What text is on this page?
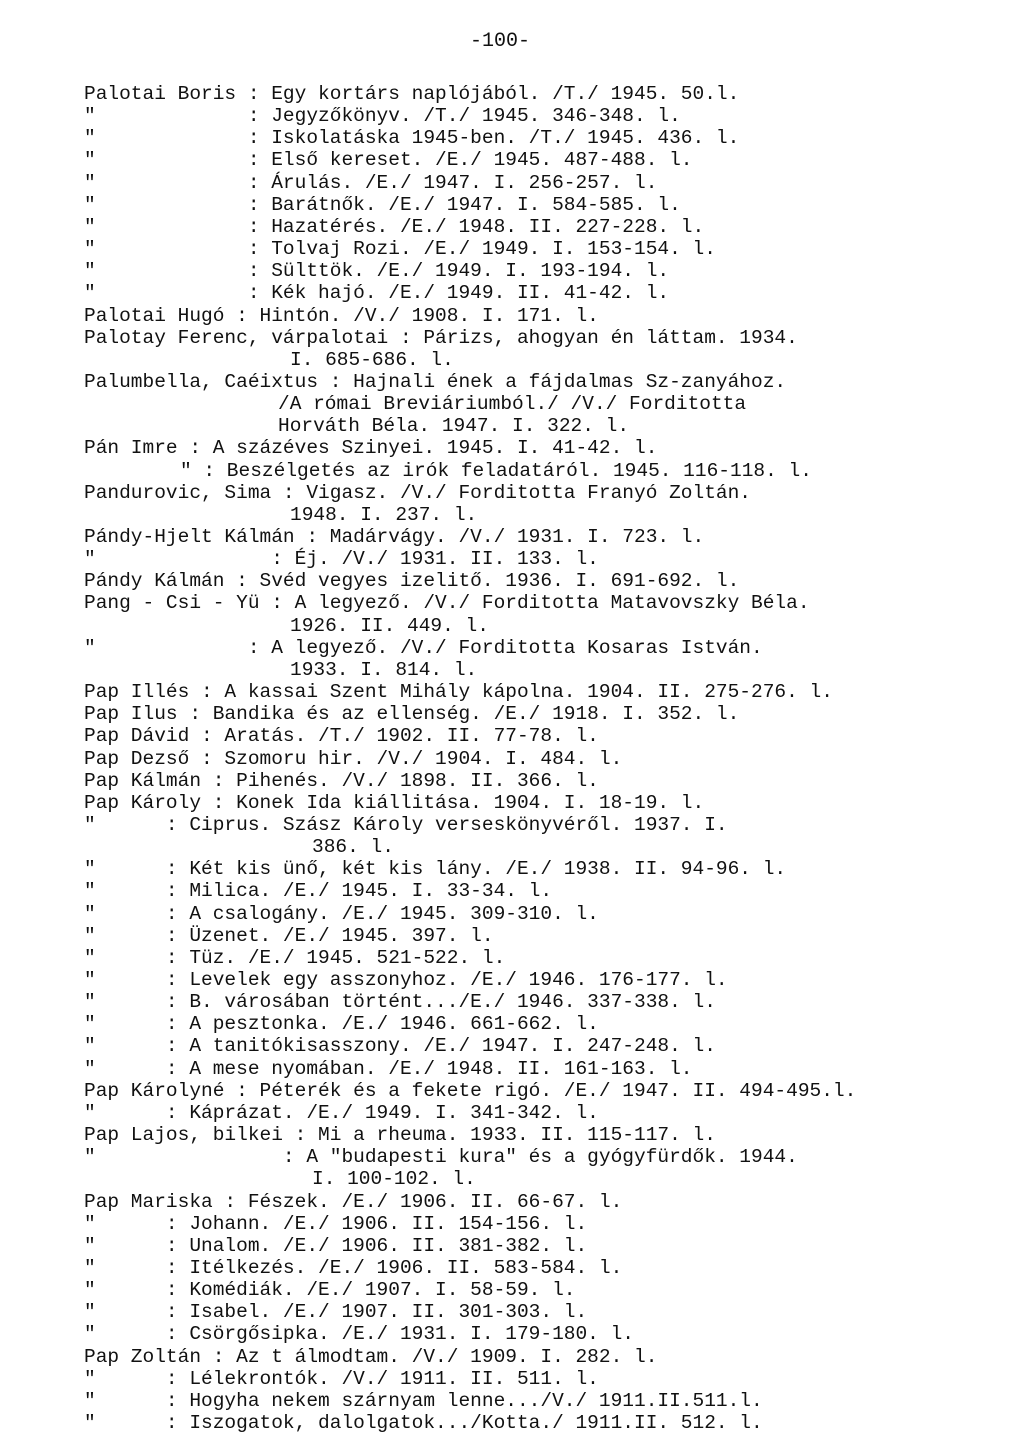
-100-
Palotai Boris : Egy kortárs naplójából. /T./ 1945. 50.l.
"             : Jegyzőkönyv. /T./ 1945. 346-348. l.
"             : Iskolatáska 1945-ben. /T./ 1945. 436. l.
"             : Első kereset. /E./ 1945. 487-488. l.
"             : Árulás. /E./ 1947. I. 256-257. l.
"             : Barátnők. /E./ 1947. I. 584-585. l.
"             : Hazatérés. /E./ 1948. II. 227-228. l.
"             : Tolvaj Rozi. /E./ 1949. I. 153-154. l.
"             : Sülttök. /E./ 1949. I. 193-194. l.
"             : Kék hajó. /E./ 1949. II. 41-42. l.
Palotai Hugó : Hintón. /V./ 1908. I. 171. l.
Palotay Ferenc, várpalotai : Párizs, ahogyan én láttam. 1934.
I. 685-686. l.
Palumbella, Caéixtus : Hajnali ének a fájdalmas Sz-zanyához.
/A római Breviáriumból./ /V./ Forditotta
Horváth Béla. 1947. I. 322. l.
Pán Imre : A százéves Szinyei. 1945. I. 41-42. l.
" : Beszélgetés az irók feladatáról. 1945. 116-118. l.
Pandurovic, Sima : Vigasz. /V./ Forditotta Franyó Zoltán.
1948. I. 237. l.
Pándy-Hjelt Kálmán : Madárvágy. /V./ 1931. I. 723. l.
"               : Éj. /V./ 1931. II. 133. l.
Pándy Kálmán : Svéd vegyes izelitő. 1936. I. 691-692. l.
Pang - Csi - Yü : A legyező. /V./ Forditotta Matavovszky Béla.
1926. II. 449. l.
"             : A legyező. /V./ Forditotta Kosaras István.
1933. I. 814. l.
Pap Illés : A kassai Szent Mihály kápolna. 1904. II. 275-276. l.
Pap Ilus : Bandika és az ellenség. /E./ 1918. I. 352. l.
Pap Dávid : Aratás. /T./ 1902. II. 77-78. l.
Pap Dezső : Szomoru hir. /V./ 1904. I. 484. l.
Pap Kálmán : Pihenés. /V./ 1898. II. 366. l.
Pap Károly : Konek Ida kiállitása. 1904. I. 18-19. l.
"      : Ciprus. Szász Károly verseskönyvéről. 1937. I.
386. l.
"      : Két kis ünő, két kis lány. /E./ 1938. II. 94-96. l.
"      : Milica. /E./ 1945. I. 33-34. l.
"      : A csalogány. /E./ 1945. 309-310. l.
"      : Üzenet. /E./ 1945. 397. l.
"      : Tüz. /E./ 1945. 521-522. l.
"      : Levelek egy asszonyhoz. /E./ 1946. 176-177. l.
"      : B. városában történt.../E./ 1946. 337-338. l.
"      : A pesztonka. /E./ 1946. 661-662. l.
"      : A tanitókisasszony. /E./ 1947. I. 247-248. l.
"      : A mese nyomában. /E./ 1948. II. 161-163. l.
Pap Károlyné : Péterék és a fekete rigó. /E./ 1947. II. 494-495.l.
"      : Káprázat. /E./ 1949. I. 341-342. l.
Pap Lajos, bilkei : Mi a rheuma. 1933. II. 115-117. l.
"                : A "budapesti kura" és a gyógyfürdők. 1944.
I. 100-102. l.
Pap Mariska : Fészek. /E./ 1906. II. 66-67. l.
"      : Johann. /E./ 1906. II. 154-156. l.
"      : Unalom. /E./ 1906. II. 381-382. l.
"      : Itélkezés. /E./ 1906. II. 583-584. l.
"      : Komédiák. /E./ 1907. I. 58-59. l.
"      : Isabel. /E./ 1907. II. 301-303. l.
"      : Csörgősipka. /E./ 1931. I. 179-180. l.
Pap Zoltán : Az t álmodtam. /V./ 1909. I. 282. l.
"      : Lélekrontók. /V./ 1911. II. 511. l.
"      : Hogyha nekem szárnyam lenne.../V./ 1911.II.511.l.
"      : Iszogatok, dalolgatok.../Kotta./ 1911.II. 512. l.
